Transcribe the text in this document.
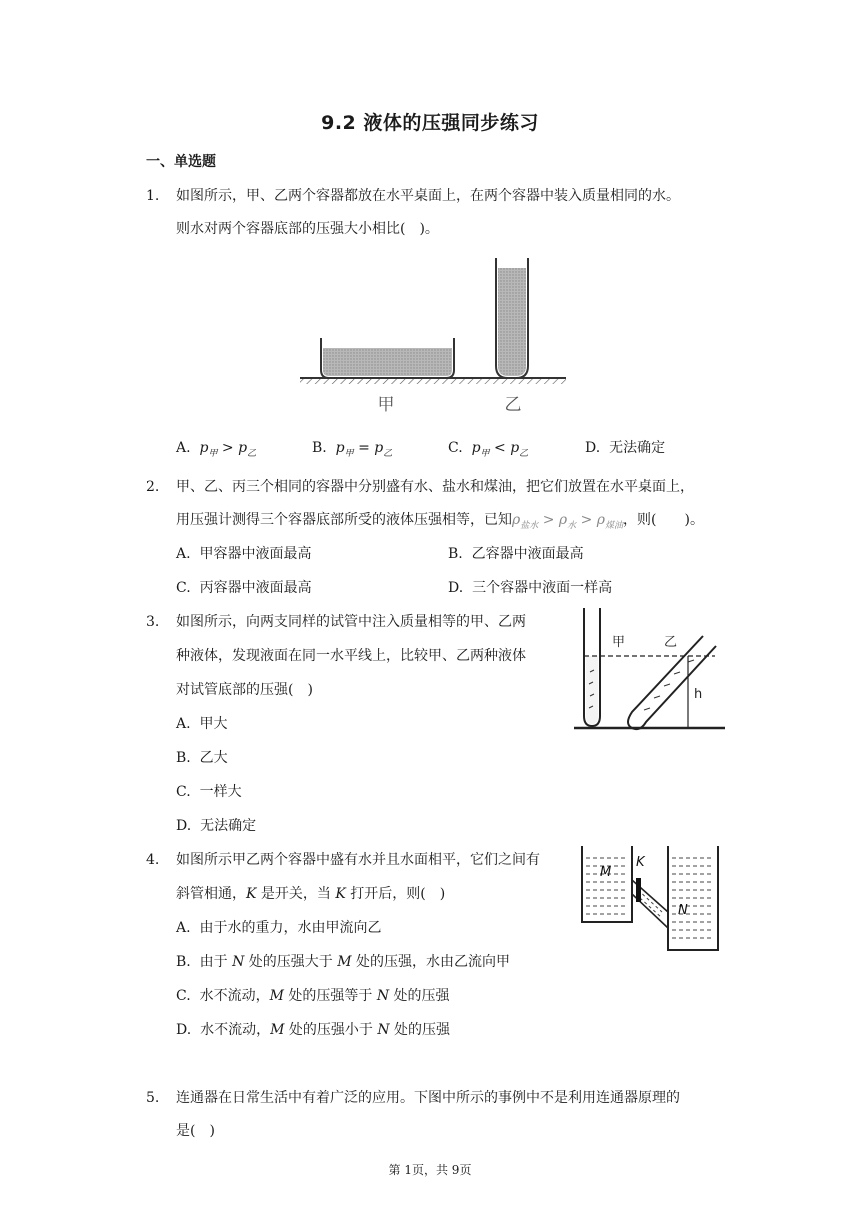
9.2 液体的压强同步练习
一、单选题
1. 如图所示，甲、乙两个容器都放在水平桌面上，在两个容器中装入质量相同的水。
则水对两个容器底部的压强大小相比(　)。
甲	乙
A. $p_甲 > p_乙$	B. $p_甲 = p_乙$	C. $p_甲 < p_乙$	D. 无法确定
2. 甲、乙、丙三个相同的容器中分别盛有水、盐水和煤油，把它们放置在水平桌面上，
用压强计测得三个容器底部所受的液体压强相等，已知$\rho_{盐水} > \rho_水 > \rho_{煤油}$，则(　　)。
A. 甲容器中液面最高	B. 乙容器中液面最高
C. 丙容器中液面最高	D. 三个容器中液面一样高
3. 如图所示，向两支同样的试管中注入质量相等的甲、乙两
种液体，发现液面在同一水平线上，比较甲、乙两种液体
对试管底部的压强(　)
甲	乙
h
A. 甲大
B. 乙大
C. 一样大
D. 无法确定
4. 如图所示甲乙两个容器中盛有水并且水面相平，它们之间有
斜管相通，K 是开关，当 K 打开后，则(　)
M
K
N
A. 由于水的重力，水由甲流向乙
B. 由于 N 处的压强大于 M 处的压强，水由乙流向甲
C. 水不流动，M 处的压强等于 N 处的压强
D. 水不流动，M 处的压强小于 N 处的压强
5. 连通器在日常生活中有着广泛的应用。下图中所示的事例中不是利用连通器原理的
是(　)
第 1页，共 9页
